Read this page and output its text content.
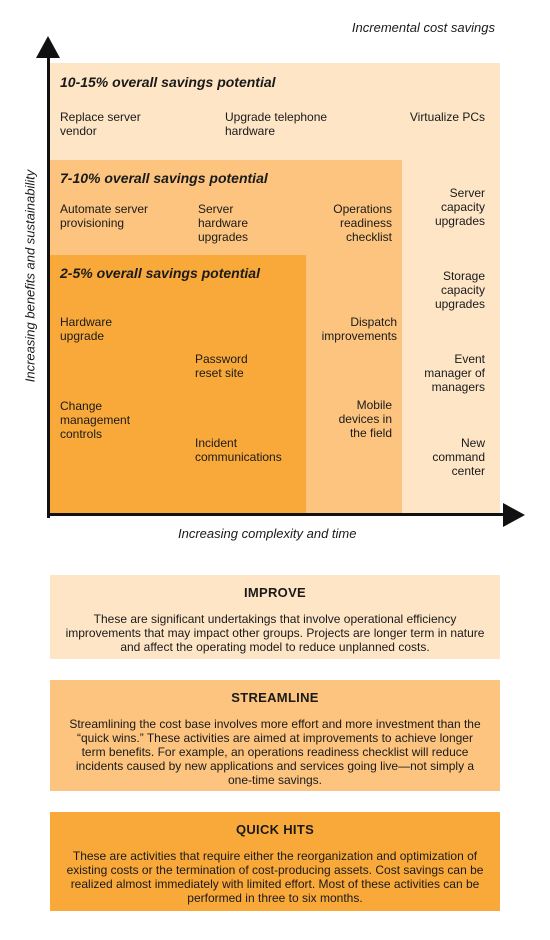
Increasing benefits and sustainability
Increasing complexity and time
Incremental cost savings
10-15% overall savings potential
Replace server vendor
Upgrade telephone hardware
Virtualize PCs
Server capacity upgrades
Storage capacity upgrades
Event manager of managers
New command center
7-10% overall savings potential
Automate server provisioning
Server hardware upgrades
Operations readiness checklist
Dispatch improvements
Mobile devices in the field
2-5% overall savings potential
Hardware upgrade
Password reset site
Change management controls
Incident communications
IMPROVE

These are significant undertakings that involve operational efficiency improvements that may impact other groups. Projects are longer term in nature and affect the operating model to reduce unplanned costs.

STREAMLINE

Streamlining the cost base involves more effort and more investment than the “quick wins.” These activities are aimed at improvements to achieve longer term benefits. For example, an operations readiness checklist will reduce incidents caused by new applications and services going live—not simply a one-time savings.

QUICK HITS

These are activities that require either the reorganization and optimization of existing costs or the termination of cost-producing assets. Cost savings can be realized almost immediately with limited effort. Most of these activities can be performed in three to six months.
